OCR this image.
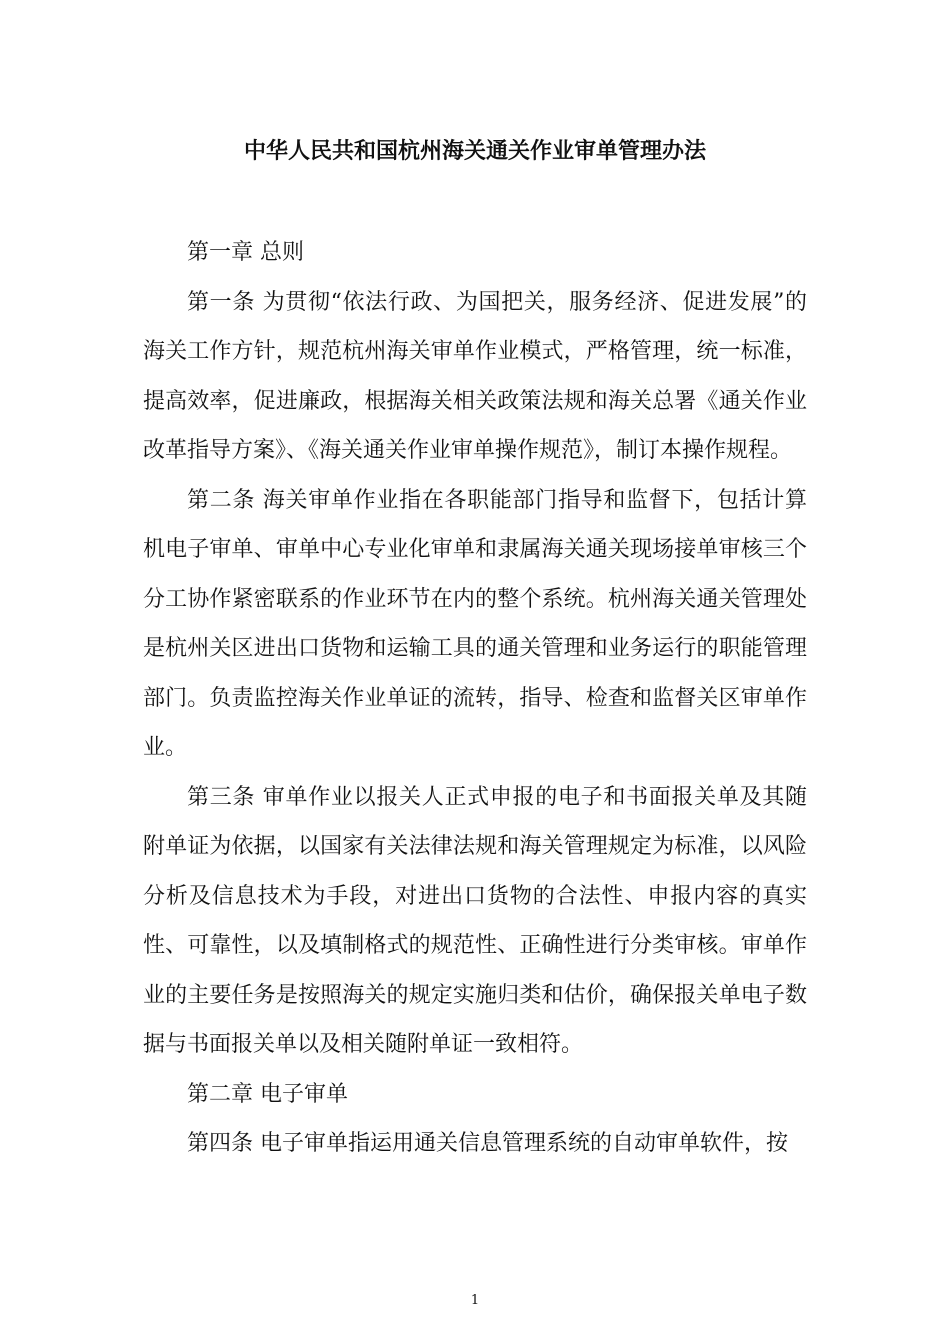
中华人民共和国杭州海关通关作业审单管理办法

第一章 总则

第一条 为贯彻“依法行政、为国把关，服务经济、促进发展”的海关工作方针，规范杭州海关审单作业模式，严格管理，统一标准，提高效率，促进廉政，根据海关相关政策法规和海关总署《通关作业改革指导方案》、《海关通关作业审单操作规范》，制订本操作规程。

第二条 海关审单作业指在各职能部门指导和监督下，包括计算机电子审单、审单中心专业化审单和隶属海关通关现场接单审核三个分工协作紧密联系的作业环节在内的整个系统。杭州海关通关管理处是杭州关区进出口货物和运输工具的通关管理和业务运行的职能管理部门。负责监控海关作业单证的流转，指导、检查和监督关区审单作业。

第三条 审单作业以报关人正式申报的电子和书面报关单及其随附单证为依据，以国家有关法律法规和海关管理规定为标准，以风险分析及信息技术为手段，对进出口货物的合法性、申报内容的真实性、可靠性，以及填制格式的规范性、正确性进行分类审核。审单作业的主要任务是按照海关的规定实施归类和估价，确保报关单电子数据与书面报关单以及相关随附单证一致相符。

第二章 电子审单

第四条 电子审单指运用通关信息管理系统的自动审单软件，按

1
